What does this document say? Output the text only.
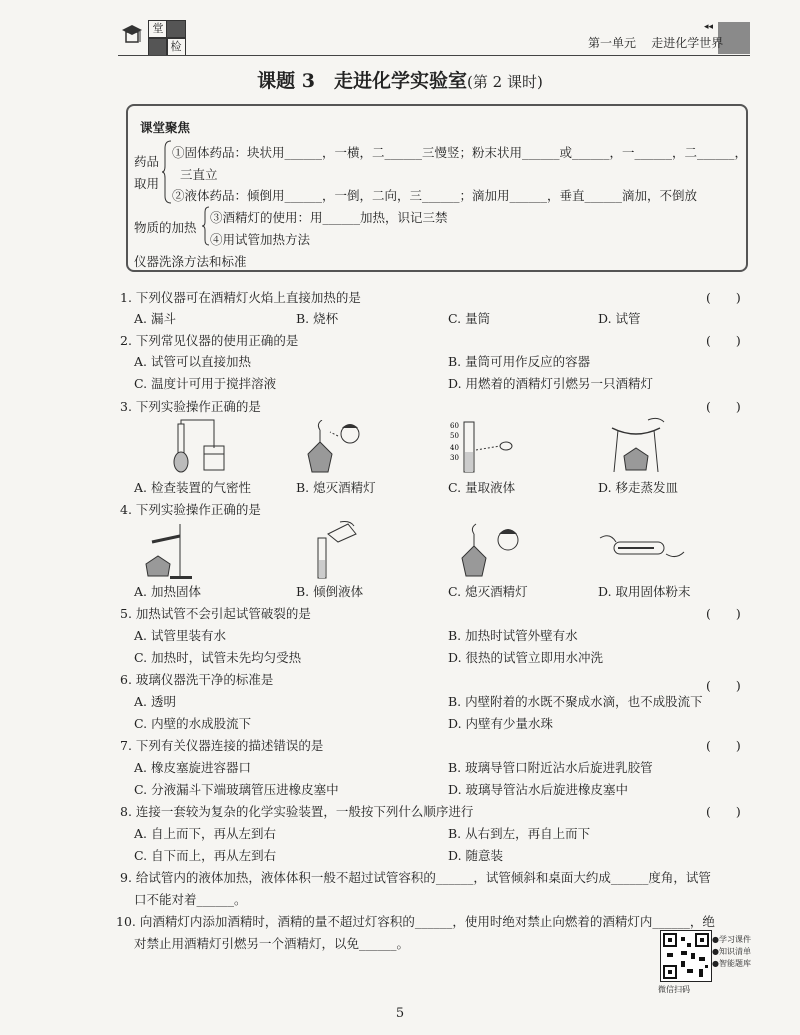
堂
检
◂◂
第一单元 走进化学世界
课题 3　走进化学实验室(第 2 课时)
课堂聚焦
药品
取用
①固体药品：块状用______，一横，二______三慢竖；粉末状用______或______，一______，二______，
三直立
②液体药品：倾倒用______，一倒，二向，三______；滴加用______，垂直______滴加，不倒放
物质的加热
③酒精灯的使用：用______加热，识记三禁
④用试管加热方法
仪器洗涤方法和标准
1. 下列仪器可在酒精灯火焰上直接加热的是	(　　)
A. 漏斗	B. 烧杯	C. 量筒	D. 试管
2. 下列常见仪器的使用正确的是	(　　)
A. 试管可以直接加热	B. 量筒可用作反应的容器
C. 温度计可用于搅拌溶液	D. 用燃着的酒精灯引燃另一只酒精灯
3. 下列实验操作正确的是	(　　)
60
50
40
30
A. 检查装置的气密性	B. 熄灭酒精灯	C. 量取液体	D. 移走蒸发皿
4. 下列实验操作正确的是
A. 加热固体	B. 倾倒液体	C. 熄灭酒精灯	D. 取用固体粉末
5. 加热试管不会引起试管破裂的是	(　　)
A. 试管里装有水	B. 加热时试管外壁有水
C. 加热时，试管未先均匀受热	D. 很热的试管立即用水冲洗
6. 玻璃仪器洗干净的标准是	(　　)
A. 透明	B. 内壁附着的水既不聚成水滴，也不成股流下
C. 内壁的水成股流下	D. 内壁有少量水珠
7. 下列有关仪器连接的描述错误的是	(　　)
A. 橡皮塞旋进容器口	B. 玻璃导管口附近沾水后旋进乳胶管
C. 分液漏斗下端玻璃管压进橡皮塞中	D. 玻璃导管沾水后旋进橡皮塞中
8. 连接一套较为复杂的化学实验装置，一般按下列什么顺序进行	(　　)
A. 自上而下，再从左到右	B. 从右到左，再自上而下
C. 自下而上，再从左到右	D. 随意装
9. 给试管内的液体加热，液体体积一般不超过试管容积的______，试管倾斜和桌面大约成______度角，试管
口不能对着______。
10. 向酒精灯内添加酒精时，酒精的量不超过灯容积的______，使用时绝对禁止向燃着的酒精灯内______，绝
对禁止用酒精灯引燃另一个酒精灯，以免______。	●学习课件
●知识清单
●智能题库
微信扫码
5
